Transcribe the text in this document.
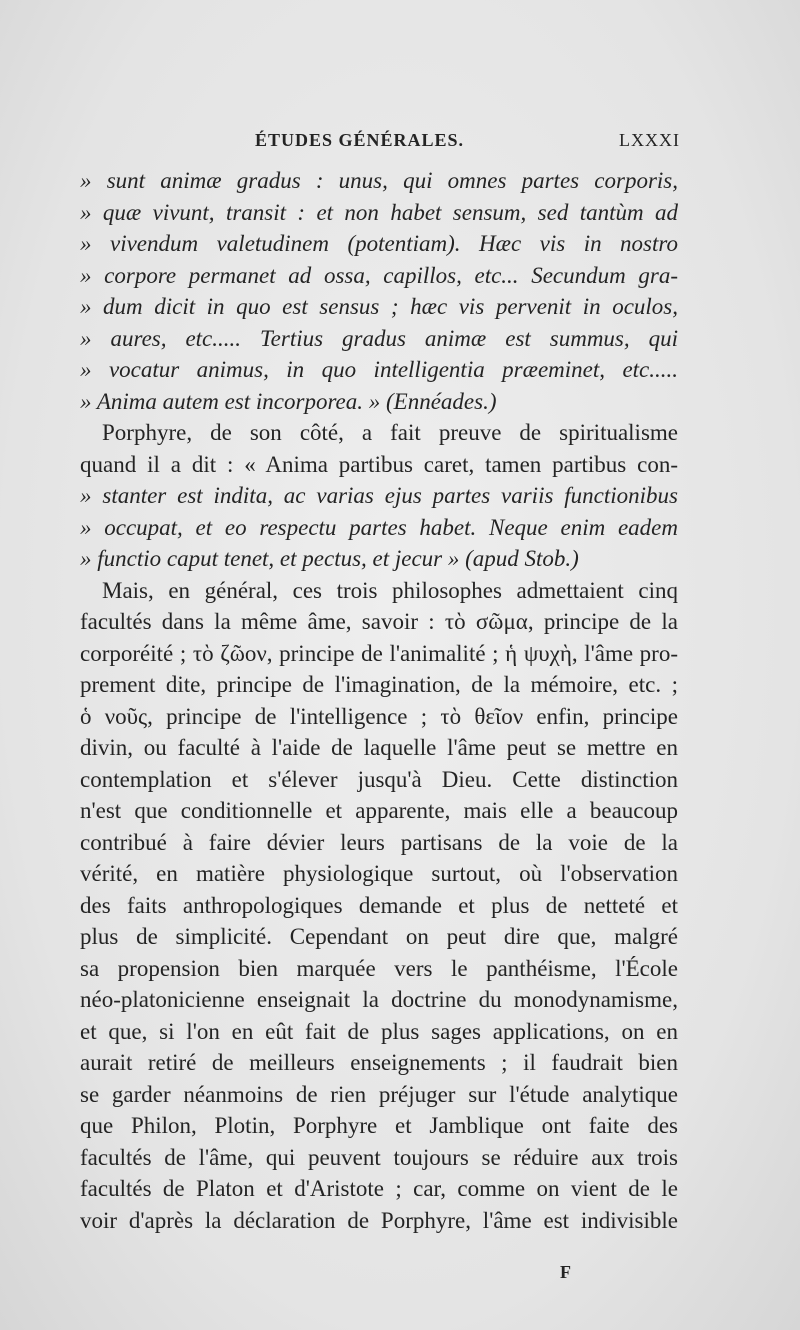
ÉTUDES GÉNÉRALES.	LXXXI
» sunt animæ gradus : unus, qui omnes partes corporis,
» quæ vivunt, transit : et non habet sensum, sed tantùm ad
» vivendum valetudinem (potentiam). Hæc vis in nostro
» corpore permanet ad ossa, capillos, etc... Secundum gra-
» dum dicit in quo est sensus ; hæc vis pervenit in oculos,
» aures, etc..... Tertius gradus animæ est summus, qui
» vocatur animus, in quo intelligentia præeminet, etc.....
» Anima autem est incorporea. » (Ennéades.)
Porphyre, de son côté, a fait preuve de spiritualisme
quand il a dit : « Anima partibus caret, tamen partibus con-
» stanter est indita, ac varias ejus partes variis functionibus
» occupat, et eo respectu partes habet. Neque enim eadem
» functio caput tenet, et pectus, et jecur » (apud Stob.)
Mais, en général, ces trois philosophes admettaient cinq
facultés dans la même âme, savoir : τὸ σῶμα, principe de la
corporéité ; τὸ ζῶον, principe de l'animalité ; ἡ ψυχὴ, l'âme pro-
prement dite, principe de l'imagination, de la mémoire, etc. ;
ὁ νοῦς, principe de l'intelligence ; τὸ θεῖον enfin, principe
divin, ou faculté à l'aide de laquelle l'âme peut se mettre en
contemplation et s'élever jusqu'à Dieu. Cette distinction
n'est que conditionnelle et apparente, mais elle a beaucoup
contribué à faire dévier leurs partisans de la voie de la
vérité, en matière physiologique surtout, où l'observation
des faits anthropologiques demande et plus de netteté et
plus de simplicité. Cependant on peut dire que, malgré
sa propension bien marquée vers le panthéisme, l'École
néo-platonicienne enseignait la doctrine du monodynamisme,
et que, si l'on en eût fait de plus sages applications, on en
aurait retiré de meilleurs enseignements ; il faudrait bien
se garder néanmoins de rien préjuger sur l'étude analytique
que Philon, Plotin, Porphyre et Jamblique ont faite des
facultés de l'âme, qui peuvent toujours se réduire aux trois
facultés de Platon et d'Aristote ; car, comme on vient de le
voir d'après la déclaration de Porphyre, l'âme est indivisible
F
